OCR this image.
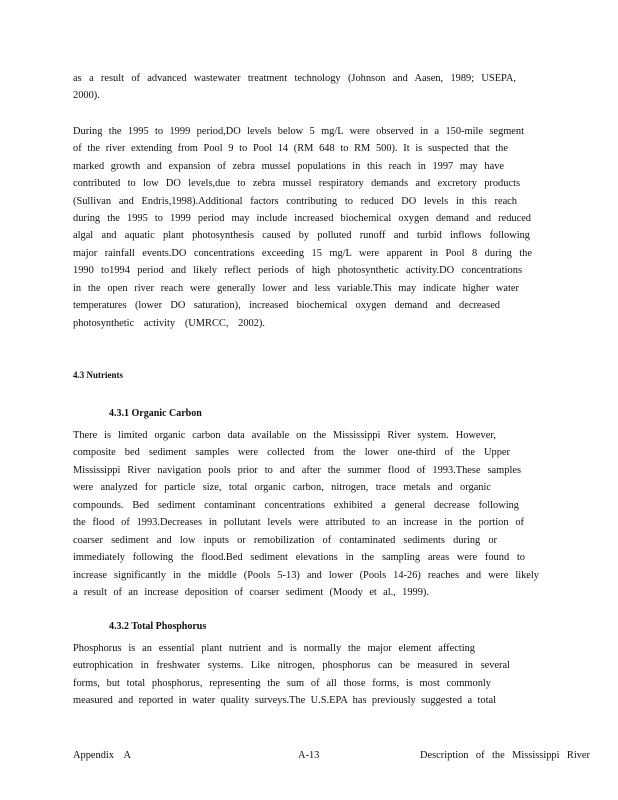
as a result of advanced wastewater treatment technology (Johnson and Aasen, 1989; USEPA,
2000).
During the 1995 to 1999 period,DO levels below 5 mg/L were observed in a 150-mile segment
of the river extending from Pool 9 to Pool 14 (RM 648 to RM 500). It is suspected that the
marked growth and expansion of zebra mussel populations in this reach in 1997 may have
contributed to low DO levels,due to zebra mussel respiratory demands and excretory products
(Sullivan and Endris,1998).Additional factors contributing to reduced DO levels in this reach
during the 1995 to 1999 period may include increased biochemical oxygen demand and reduced
algal and aquatic plant photosynthesis caused by polluted runoff and turbid inflows following
major rainfall events.DO concentrations exceeding 15 mg/L were apparent in Pool 8 during the
1990 to1994 period and likely reflect periods of high photosynthetic activity.DO concentrations
in the open river reach were generally lower and less variable.This may indicate higher water
temperatures (lower DO saturation), increased biochemical oxygen demand and decreased
photosynthetic activity (UMRCC, 2002).
4.3 Nutrients
4.3.1 Organic Carbon
There is limited organic carbon data available on the Mississippi River system. However,
composite bed sediment samples were collected from the lower one-third of the Upper
Mississippi River navigation pools prior to and after the summer flood of 1993.These samples
were analyzed for particle size, total organic carbon, nitrogen, trace metals and organic
compounds. Bed sediment contaminant concentrations exhibited a general decrease following
the flood of 1993.Decreases in pollutant levels were attributed to an increase in the portion of
coarser sediment and low inputs or remobilization of contaminated sediments during or
immediately following the flood.Bed sediment elevations in the sampling areas were found to
increase significantly in the middle (Pools 5-13) and lower (Pools 14-26) reaches and were likely
a result of an increase deposition of coarser sediment (Moody et al., 1999).
4.3.2 Total Phosphorus
Phosphorus is an essential plant nutrient and is normally the major element affecting
eutrophication in freshwater systems. Like nitrogen, phosphorus can be measured in several
forms, but total phosphorus, representing the sum of all those forms, is most commonly
measured and reported in water quality surveys.The U.S.EPA has previously suggested a total
Appendix A	A-13	Description of the Mississippi River
